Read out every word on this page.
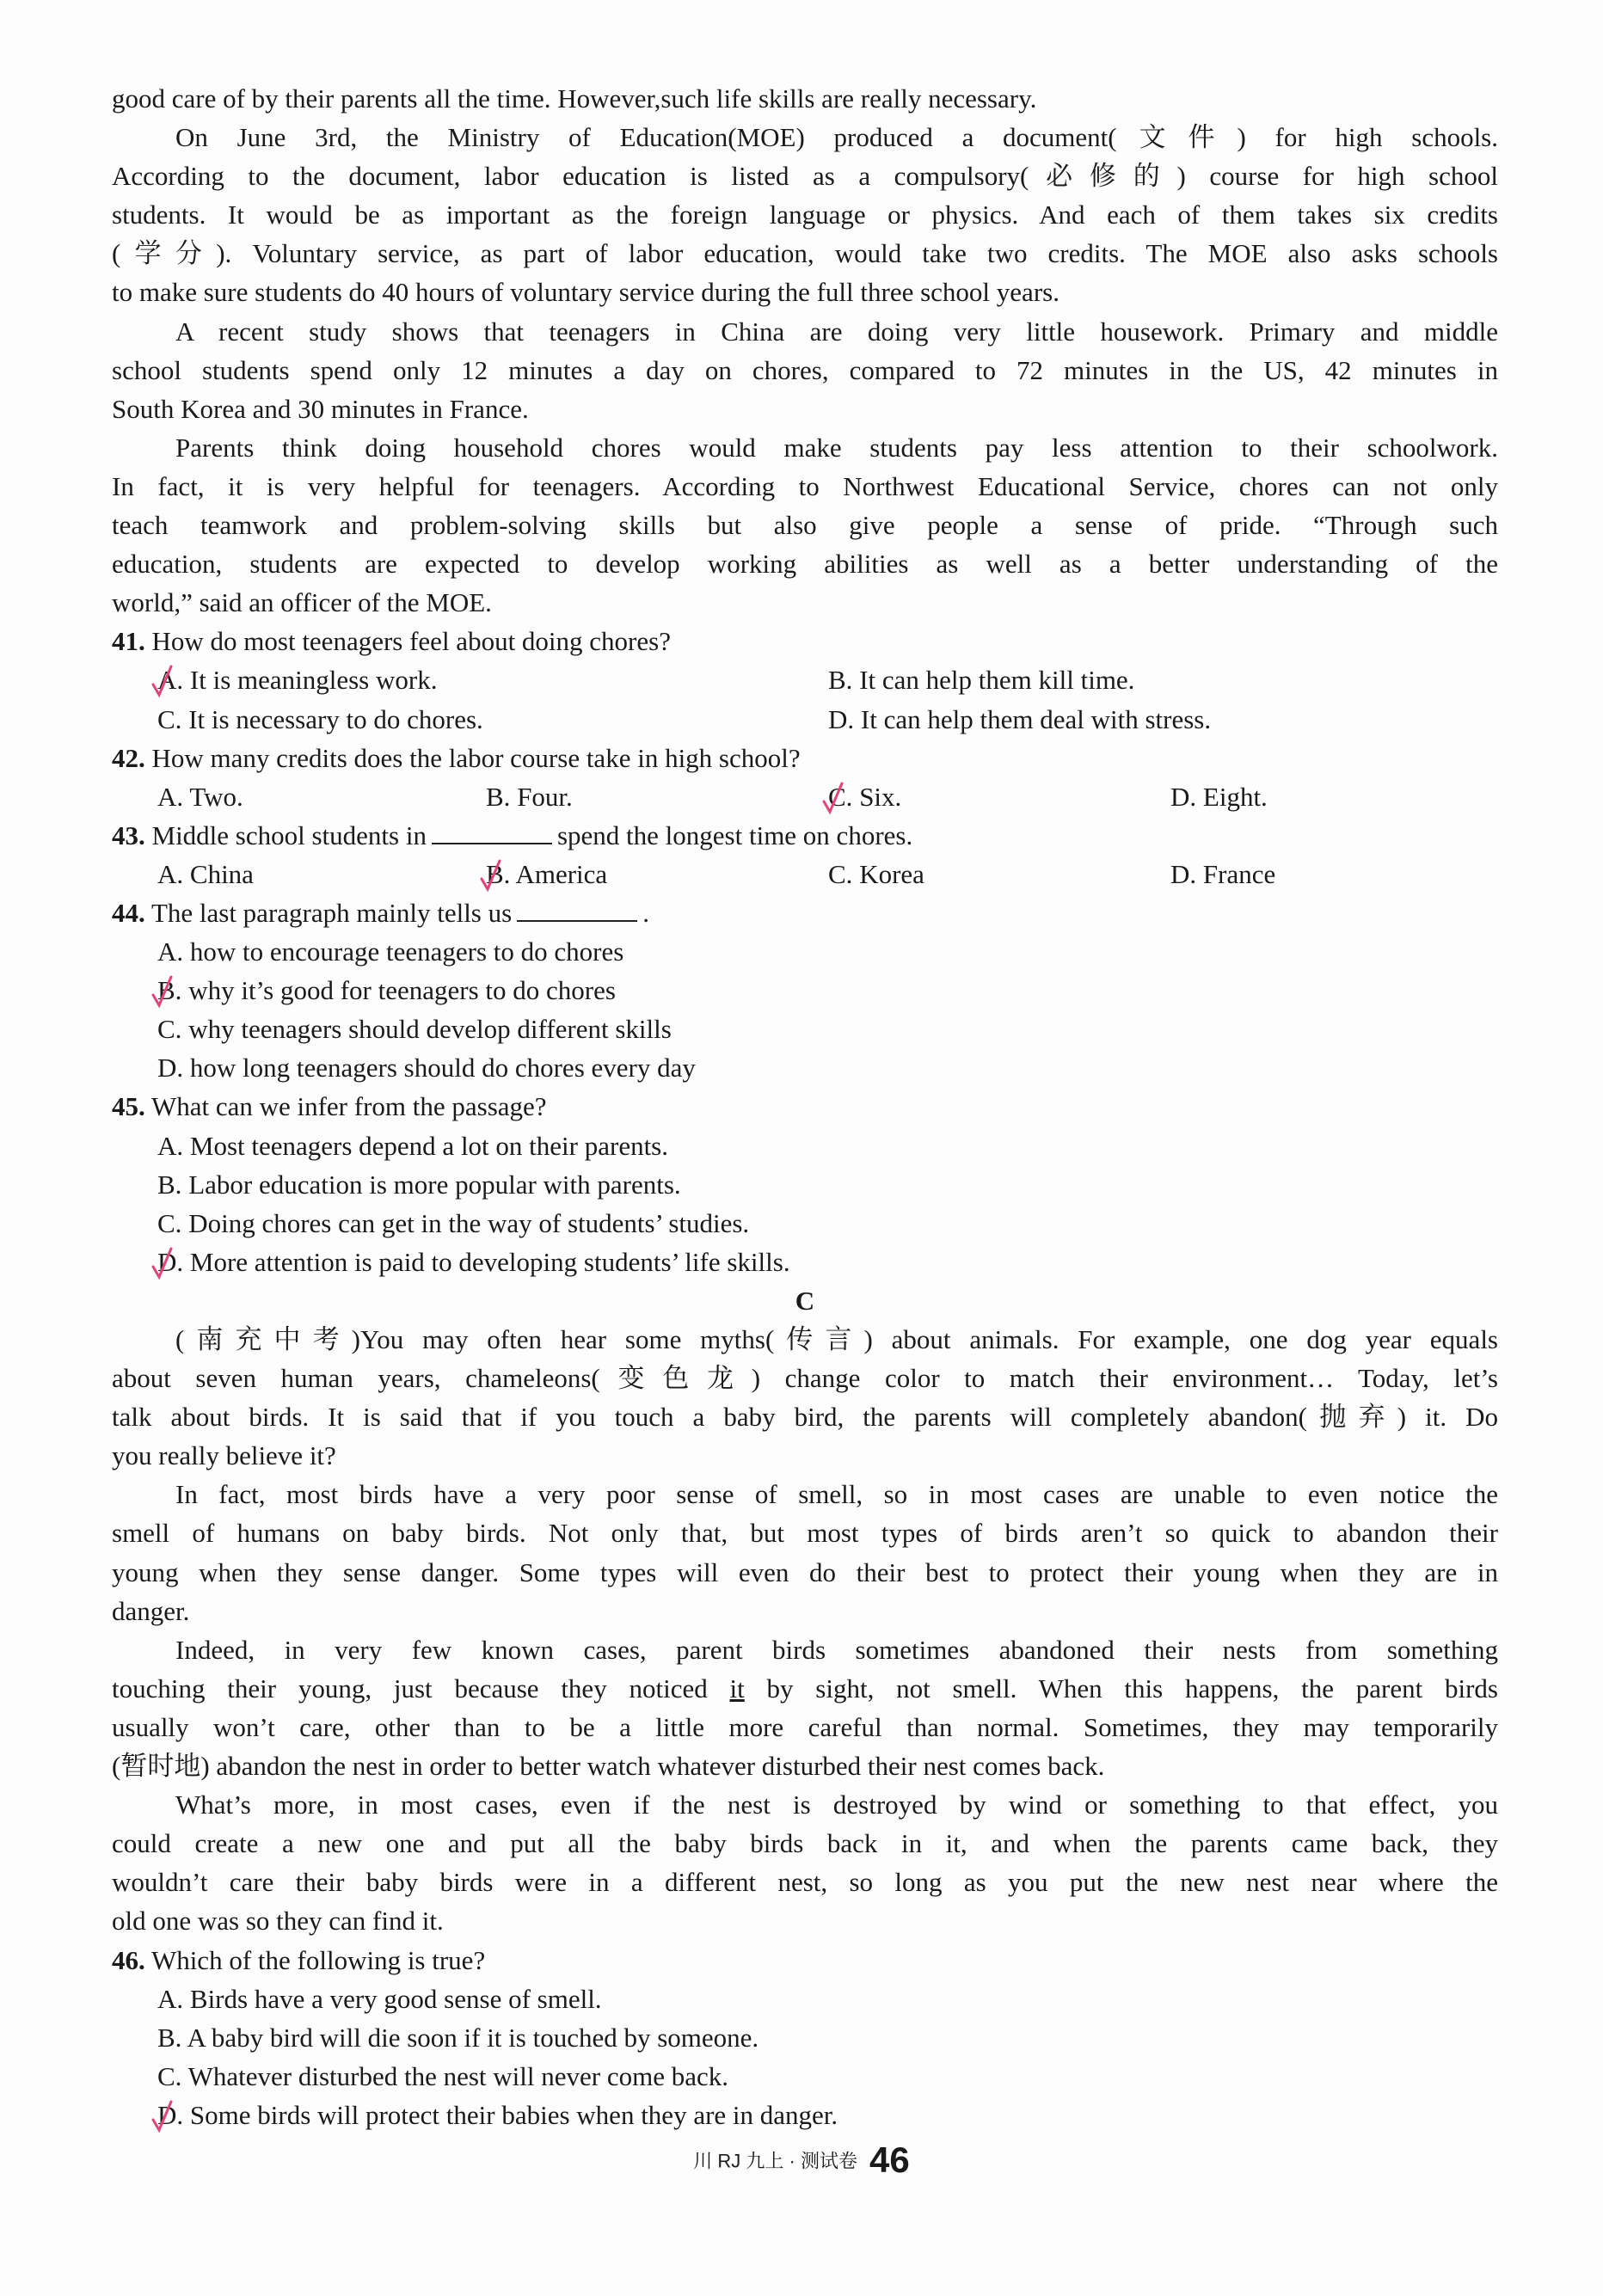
good care of by their parents all the time. However,such life skills are really necessary.
On June 3rd, the Ministry of Education(MOE) produced a document(文件) for high schools.
According to the document, labor education is listed as a compulsory(必修的) course for high school
students. It would be as important as the foreign language or physics. And each of them takes six credits
(学分). Voluntary service, as part of labor education, would take two credits. The MOE also asks schools
to make sure students do 40 hours of voluntary service during the full three school years.
A recent study shows that teenagers in China are doing very little housework. Primary and middle
school students spend only 12 minutes a day on chores, compared to 72 minutes in the US, 42 minutes in
South Korea and 30 minutes in France.
Parents think doing household chores would make students pay less attention to their schoolwork.
In fact, it is very helpful for teenagers. According to Northwest Educational Service, chores can not only
teach teamwork and problem-solving skills but also give people a sense of pride. “Through such
education, students are expected to develop working abilities as well as a better understanding of the
world,” said an officer of the MOE.
41. How do most teenagers feel about doing chores?
A. It is meaningless work.	B. It can help them kill time.
C. It is necessary to do chores.	D. It can help them deal with stress.
42. How many credits does the labor course take in high school?
A. Two.	B. Four.	C. Six.	D. Eight.
43. Middle school students in	spend the longest time on chores.
A. China	B. America	C. Korea	D. France
44. The last paragraph mainly tells us	.
A. how to encourage teenagers to do chores
B. why it’s good for teenagers to do chores
C. why teenagers should develop different skills
D. how long teenagers should do chores every day
45. What can we infer from the passage?
A. Most teenagers depend a lot on their parents.
B. Labor education is more popular with parents.
C. Doing chores can get in the way of students’ studies.
D. More attention is paid to developing students’ life skills.
C
(南充中考)You may often hear some myths(传言) about animals. For example, one dog year equals
about seven human years, chameleons(变色龙) change color to match their environment… Today, let’s
talk about birds. It is said that if you touch a baby bird, the parents will completely abandon(抛弃) it. Do
you really believe it?
In fact, most birds have a very poor sense of smell, so in most cases are unable to even notice the
smell of humans on baby birds. Not only that, but most types of birds aren’t so quick to abandon their
young when they sense danger. Some types will even do their best to protect their young when they are in
danger.
Indeed, in very few known cases, parent birds sometimes abandoned their nests from something
touching their young, just because they noticed it by sight, not smell. When this happens, the parent birds
usually won’t care, other than to be a little more careful than normal. Sometimes, they may temporarily
(暂时地) abandon the nest in order to better watch whatever disturbed their nest comes back.
What’s more, in most cases, even if the nest is destroyed by wind or something to that effect, you
could create a new one and put all the baby birds back in it, and when the parents came back, they
wouldn’t care their baby birds were in a different nest, so long as you put the new nest near where the
old one was so they can find it.
46. Which of the following is true?
A. Birds have a very good sense of smell.
B. A baby bird will die soon if it is touched by someone.
C. Whatever disturbed the nest will never come back.
D. Some birds will protect their babies when they are in danger.
川 RJ 九上 · 测试卷 46
